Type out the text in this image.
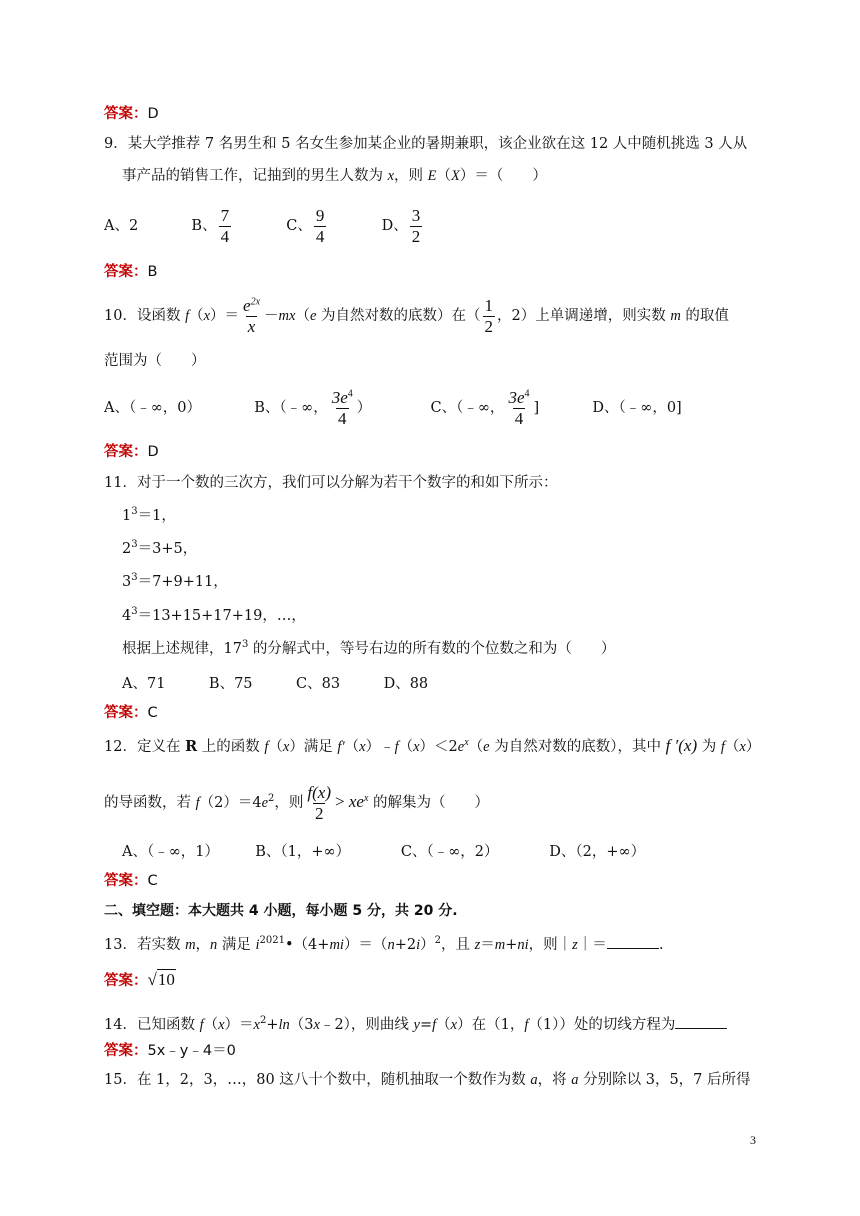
答案：D
9．某大学推荐 7 名男生和 5 名女生参加某企业的暑期兼职，该企业欲在这 12 人中随机挑选 3 人从
事产品的销售工作，记抽到的男生人数为 x，则 E（X）＝（　　）
A、2	B、 $\frac{7}{4}$	C、 $\frac{9}{4}$	D、 $\frac{3}{2}$
答案：B
10．设函数 $f(x)= \frac{e^{2x}}{x} -mx(e$ 为自然对数的底数）在（ $\frac{1}{2}$ ，2）上单调递增，则实数 m 的取值
范围为（　　）
A、（﹣∞，0）	B、（﹣∞， $\frac{3e^4}{4}$ ）	C、（﹣∞， $\frac{3e^4}{4}$ ]	D、（﹣∞，0]
答案：D
11．对于一个数的三次方，我们可以分解为若干个数字的和如下所示：
$1^3=1$，
$2^3=3+5$，
$3^3=7+9+11$，
$4^3=13+15+17+19$，…，
根据上述规律，$17^3$ 的分解式中，等号右边的所有数的个位数之和为（　　）
A、71　　　B、75　　　C、83　　　D、88
答案：C
12．定义在 R 上的函数 f（x）满足 $f'(x)﹣f(x)<2e^x(e$ 为自然对数的底数），其中 f ′(x) 为 f（x）
的导函数，若 $f(2)=4e^2$，则 $\frac{f(x)}{2} > xe^x$ 的解集为（　　）
A、（﹣∞，1）　　　B、（1，+∞）　　　　C、（﹣∞，2）　　　　D、（2，+∞）
答案：C
二、填空题：本大题共 4 小题，每小题 5 分，共 20 分.
13．若实数 m，n 满足 $i^{2021}•(4+mi)=(n+2i)^2$，且 z＝m+ni，则｜z｜＝	.
答案：√10
14．已知函数 $f(x)=x^2+\ln(3x﹣2)$，则曲线 y=f（x）在（1，f（1））处的切线方程为
答案：5x﹣y﹣4＝0
15．在 1，2，3，…，80 这八十个数中，随机抽取一个数作为数 a，将 a 分别除以 3，5，7 后所得
3
